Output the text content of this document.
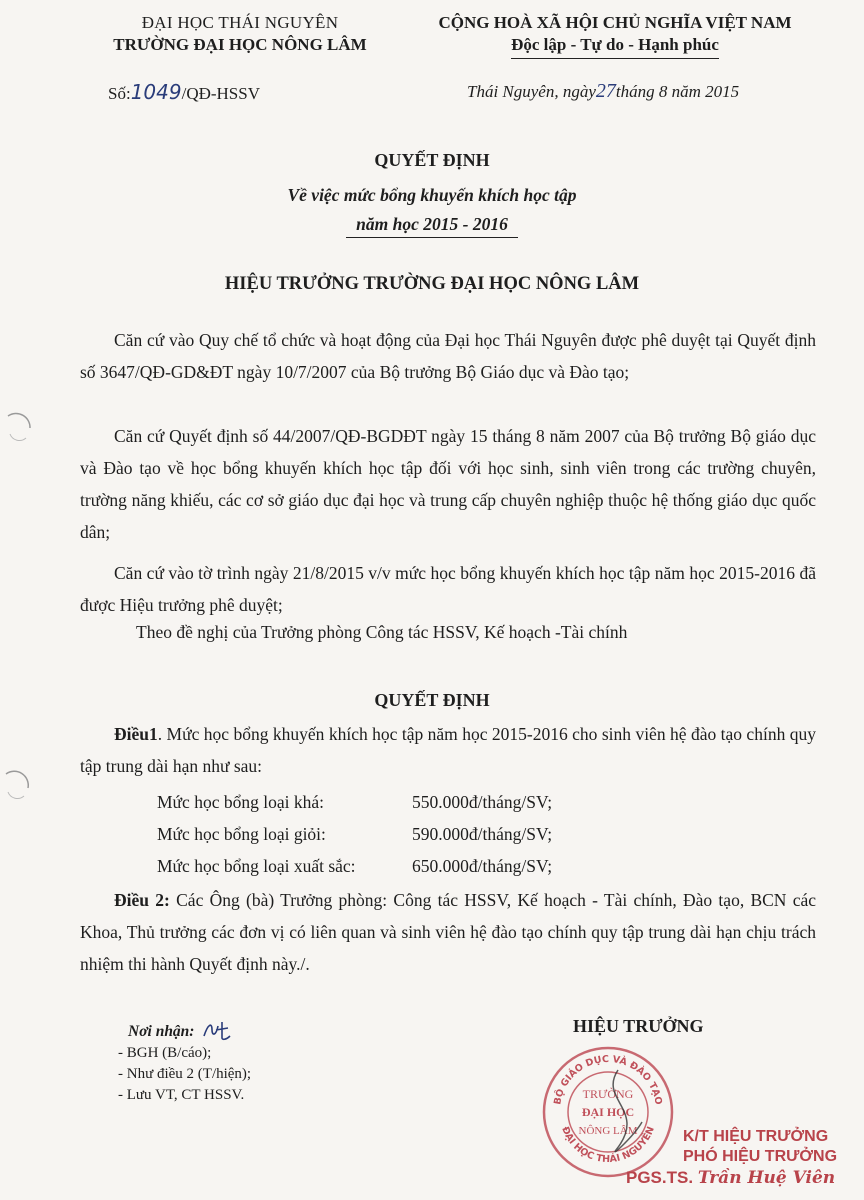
ĐẠI HỌC THÁI NGUYÊN
TRƯỜNG ĐẠI HỌC NÔNG LÂM
CỘNG HOÀ XÃ HỘI CHỦ NGHĨA VIỆT NAM
Độc lập - Tự do - Hạnh phúc
Số:1049/QĐ-HSSV	Thái Nguyên, ngày27tháng 8 năm 2015
QUYẾT ĐỊNH
Về việc mức bổng khuyến khích học tập
năm học 2015 - 2016
HIỆU TRƯỞNG TRƯỜNG ĐẠI HỌC NÔNG LÂM
Căn cứ vào Quy chế tổ chức và hoạt động của Đại học Thái Nguyên được phê duyệt tại Quyết định số 3647/QĐ-GD&ĐT ngày 10/7/2007 của Bộ trưởng Bộ Giáo dục và Đào tạo;
Căn cứ Quyết định số 44/2007/QĐ-BGDĐT ngày 15 tháng 8 năm 2007 của Bộ trưởng Bộ giáo dục và Đào tạo về học bổng khuyến khích học tập đối với học sinh, sinh viên trong các trường chuyên, trường năng khiếu, các cơ sở giáo dục đại học và trung cấp chuyên nghiệp thuộc hệ thống giáo dục quốc dân;
Căn cứ vào tờ trình ngày 21/8/2015 v/v mức học bổng khuyến khích học tập năm học 2015-2016 đã được Hiệu trưởng phê duyệt;
Theo đề nghị của Trưởng phòng Công tác HSSV, Kế hoạch -Tài chính
QUYẾT ĐỊNH
Điều1. Mức học bổng khuyến khích học tập năm học 2015-2016 cho sinh viên hệ đào tạo chính quy tập trung dài hạn như sau:
Mức học bổng loại khá:	550.000đ/tháng/SV;
Mức học bổng loại giỏi:	590.000đ/tháng/SV;
Mức học bổng loại xuất sắc:	650.000đ/tháng/SV;
Điều 2: Các Ông (bà) Trưởng phòng: Công tác HSSV, Kế hoạch - Tài chính, Đào tạo, BCN các Khoa, Thủ trưởng các đơn vị có liên quan và sinh viên hệ đào tạo chính quy tập trung dài hạn chịu trách nhiệm thi hành Quyết định này./.
Nơi nhận:
- BGH (B/cáo);
- Như điều 2 (T/hiện);
- Lưu VT, CT HSSV.
HIỆU TRƯỞNG
BỘ GIÁO DỤC VÀ ĐÀO TẠO
ĐẠI HỌC THÁI NGUYÊN
TRƯỜNG
ĐẠI HỌC
NÔNG LÂM	K/T HIỆU TRƯỞNG
PHÓ HIỆU TRƯỞNG
PGS.TS. Trần Huệ Viên
